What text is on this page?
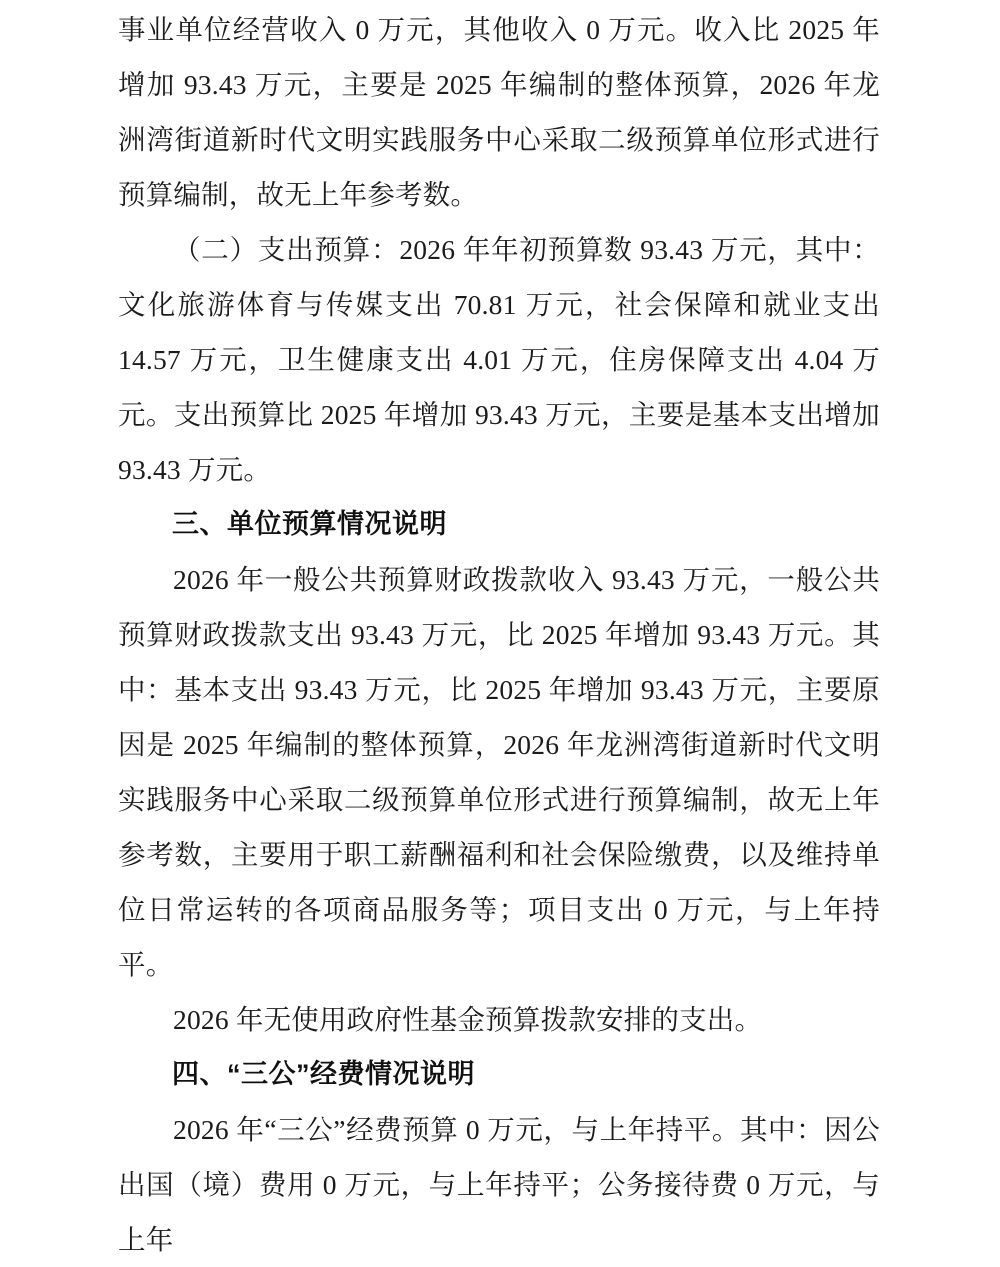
事业单位经营收入 0 万元，其他收入 0 万元。收入比 2025 年增加 93.43 万元，主要是 2025 年编制的整体预算，2026 年龙洲湾街道新时代文明实践服务中心采取二级预算单位形式进行预算编制，故无上年参考数。

（二）支出预算：2026 年年初预算数 93.43 万元，其中：文化旅游体育与传媒支出 70.81 万元，社会保障和就业支出 14.57 万元，卫生健康支出 4.01 万元，住房保障支出 4.04 万元。支出预算比 2025 年增加 93.43 万元，主要是基本支出增加 93.43 万元。

三、单位预算情况说明

2026 年一般公共预算财政拨款收入 93.43 万元，一般公共预算财政拨款支出 93.43 万元，比 2025 年增加 93.43 万元。其中：基本支出 93.43 万元，比 2025 年增加 93.43 万元，主要原因是 2025 年编制的整体预算，2026 年龙洲湾街道新时代文明实践服务中心采取二级预算单位形式进行预算编制，故无上年参考数，主要用于职工薪酬福利和社会保险缴费，以及维持单位日常运转的各项商品服务等；项目支出 0 万元，与上年持平。

2026 年无使用政府性基金预算拨款安排的支出。

四、“三公”经费情况说明

2026 年“三公”经费预算 0 万元，与上年持平。其中：因公出国（境）费用 0 万元，与上年持平；公务接待费 0 万元，与上年
